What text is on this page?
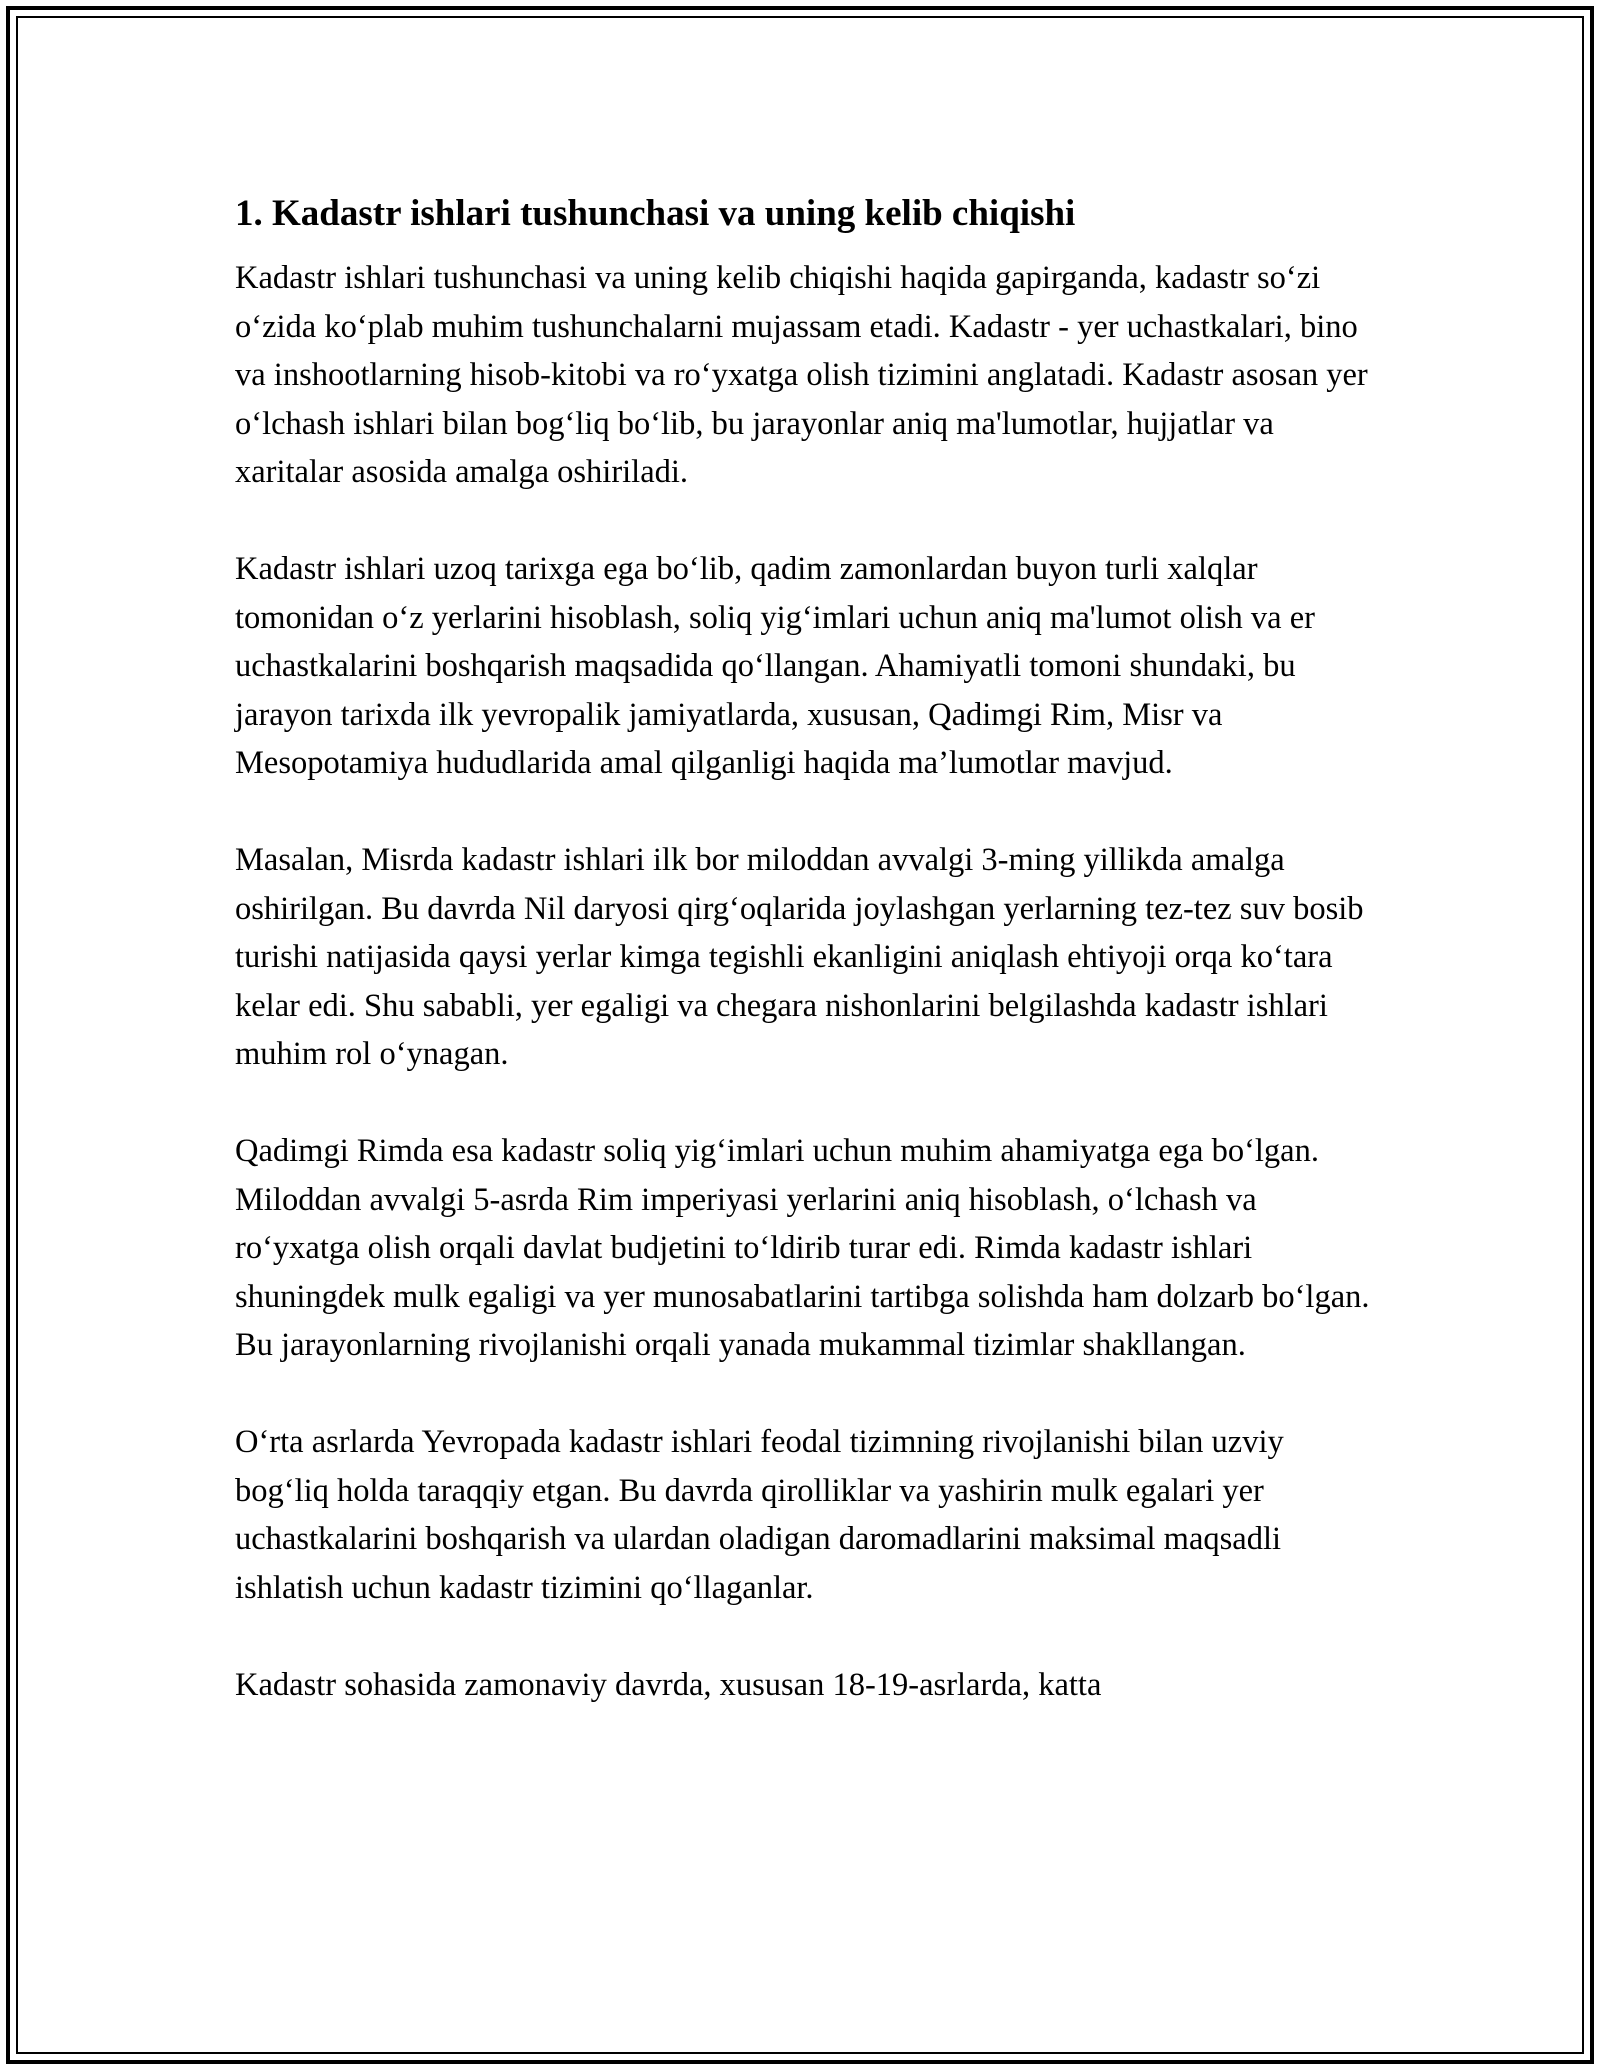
1. Kadastr ishlari tushunchasi va uning kelib chiqishi

Kadastr ishlari tushunchasi va uning kelib chiqishi haqida gapirganda, kadastr so‘zi o‘zida ko‘plab muhim tushunchalarni mujassam etadi. Kadastr - yer uchastkalari, bino va inshootlarning hisob-kitobi va ro‘yxatga olish tizimini anglatadi. Kadastr asosan yer o‘lchash ishlari bilan bog‘liq bo‘lib, bu jarayonlar aniq ma'lumotlar, hujjatlar va xaritalar asosida amalga oshiriladi.

Kadastr ishlari uzoq tarixga ega bo‘lib, qadim zamonlardan buyon turli xalqlar tomonidan o‘z yerlarini hisoblash, soliq yig‘imlari uchun aniq ma'lumot olish va er uchastkalarini boshqarish maqsadida qo‘llangan. Ahamiyatli tomoni shundaki, bu jarayon tarixda ilk yevropalik jamiyatlarda, xususan, Qadimgi Rim, Misr va Mesopotamiya hududlarida amal qilganligi haqida ma’lumotlar mavjud.

Masalan, Misrda kadastr ishlari ilk bor miloddan avvalgi 3-ming yillikda amalga oshirilgan. Bu davrda Nil daryosi qirg‘oqlarida joylashgan yerlarning tez-tez suv bosib turishi natijasida qaysi yerlar kimga tegishli ekanligini aniqlash ehtiyoji orqa ko‘tara kelar edi. Shu sababli, yer egaligi va chegara nishonlarini belgilashda kadastr ishlari muhim rol o‘ynagan.

Qadimgi Rimda esa kadastr soliq yig‘imlari uchun muhim ahamiyatga ega bo‘lgan. Miloddan avvalgi 5-asrda Rim imperiyasi yerlarini aniq hisoblash, o‘lchash va ro‘yxatga olish orqali davlat budjetini to‘ldirib turar edi. Rimda kadastr ishlari shuningdek mulk egaligi va yer munosabatlarini tartibga solishda ham dolzarb bo‘lgan. Bu jarayonlarning rivojlanishi orqali yanada mukammal tizimlar shakllangan.

O‘rta asrlarda Yevropada kadastr ishlari feodal tizimning rivojlanishi bilan uzviy bog‘liq holda taraqqiy etgan. Bu davrda qirolliklar va yashirin mulk egalari yer uchastkalarini boshqarish va ulardan oladigan daromadlarini maksimal maqsadli ishlatish uchun kadastr tizimini qo‘llaganlar.

Kadastr sohasida zamonaviy davrda, xususan 18-19-asrlarda, katta
